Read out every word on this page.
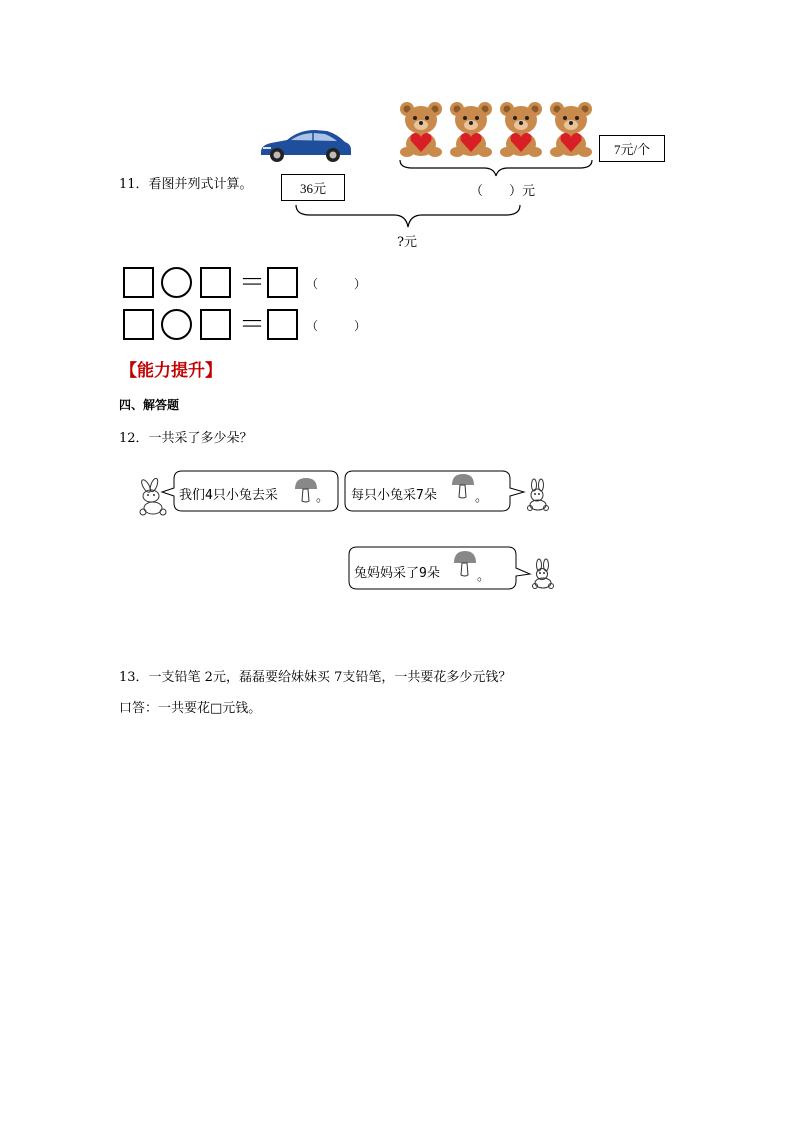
11．看图并列式计算。
7元/个
（　　）元
36元
?元
＝	（　　　）
＝	（　　　）
【能力提升】
四、解答题
12．一共采了多少朵？
我们4只小兔去采	。 每只小兔采7朵	。
兔妈妈采了9朵	。
13．一支铅笔 2元，磊磊要给妹妹买 7支铅笔，一共要花多少元钱？
口答：一共要花□元钱。
